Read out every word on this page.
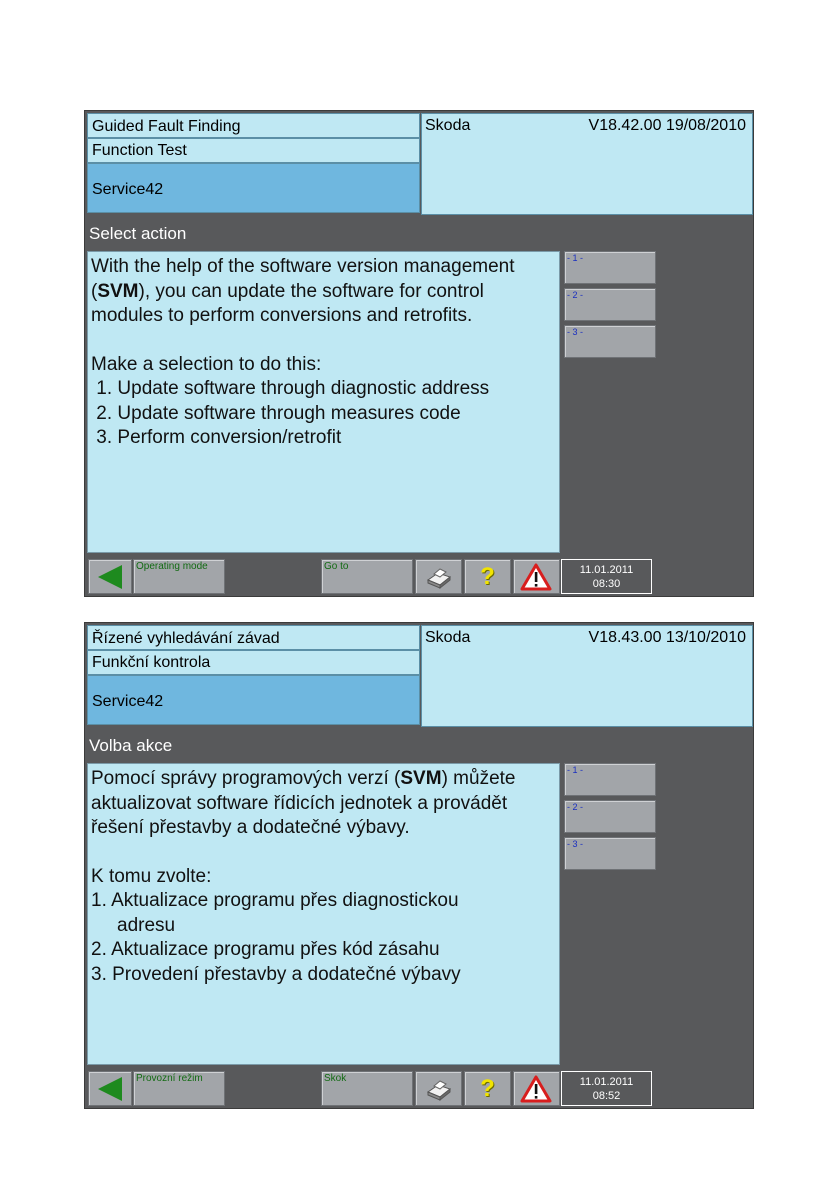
Guided Fault Finding
Function Test
Service42
Skoda	V18.42.00 19/08/2010
Select action

With the help of the software version management (SVM), you can update the software for control modules to perform conversions and retrofits.

Make a selection to do this:

1. Update software through diagnostic address

2. Update software through measures code

3. Perform conversion/retrofit

- 1 -
- 2 -
- 3 -
Operating mode	Go to	?	11.01.2011
08:30
Řízené vyhledávání závad
Funkční kontrola
Service42
Skoda	V18.43.00 13/10/2010
Volba akce

Pomocí správy programových verzí (SVM) můžete aktualizovat software řídicích jednotek a provádět řešení přestavby a dodatečné výbavy.

K tomu zvolte:

1. Aktualizace programu přes diagnostickou

adresu

2. Aktualizace programu přes kód zásahu

3. Provedení přestavby a dodatečné výbavy

- 1 -
- 2 -
- 3 -
Provozní režim	Skok	?	11.01.2011
08:52
